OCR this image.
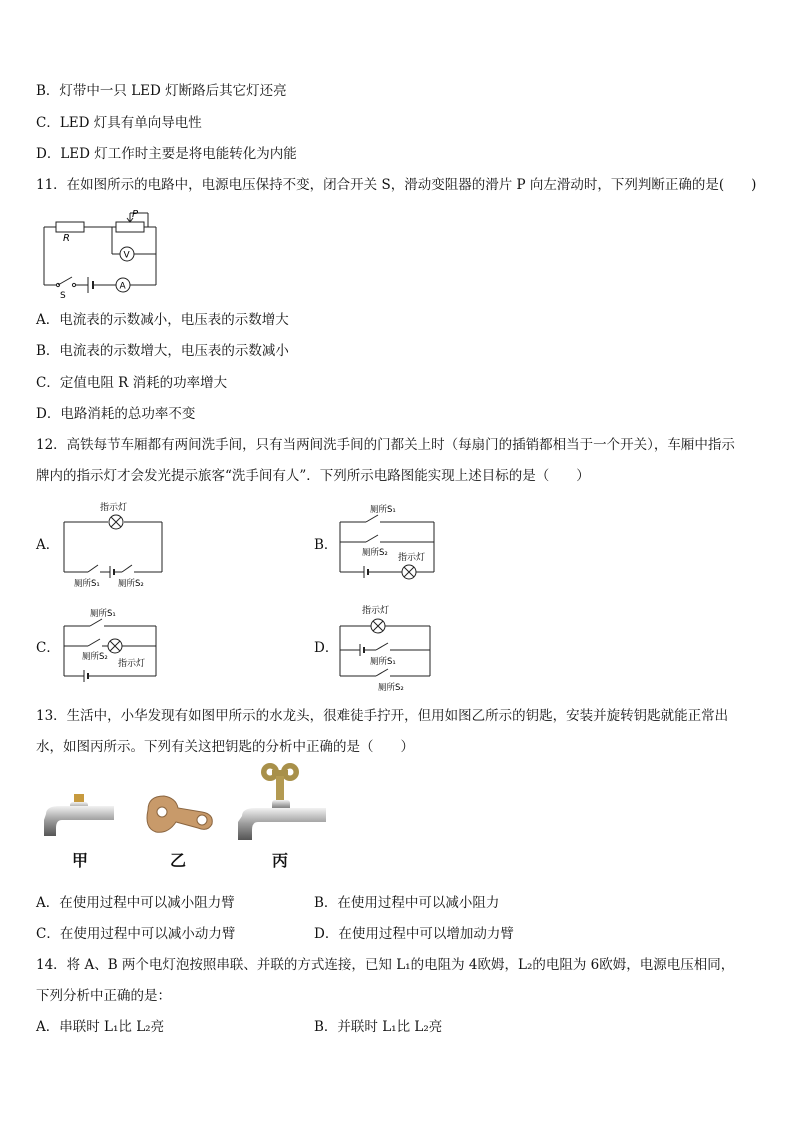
B．灯带中一只 LED 灯断路后其它灯还亮
C．LED 灯具有单向导电性
D．LED 灯工作时主要是将电能转化为内能
11．在如图所示的电路中，电源电压保持不变，闭合开关 S，滑动变阻器的滑片 P 向左滑动时，下列判断正确的是(　　)
R
P
V
A
S
A．电流表的示数减小，电压表的示数增大
B．电流表的示数增大，电压表的示数减小
C．定值电阻 R 消耗的功率增大
D．电路消耗的总功率不变
12．高铁每节车厢都有两间洗手间，只有当两间洗手间的门都关上时（每扇门的插销都相当于一个开关），车厢中指示
牌内的指示灯才会发光提示旅客“洗手间有人”．下列所示电路图能实现上述目标的是（　　）
A．
指示灯
厕所S₁ 厕所S₂
B．
厕所S₁
厕所S₂ 指示灯
C．
厕所S₁
厕所S₂
指示灯
D．
指示灯
厕所S₁
厕所S₂
13．生活中，小华发现有如图甲所示的水龙头，很难徒手拧开，但用如图乙所示的钥匙，安装并旋转钥匙就能正常出
水，如图丙所示。下列有关这把钥匙的分析中正确的是（　　）
甲	乙	丙
A．在使用过程中可以减小阻力臂	B．在使用过程中可以减小阻力
C．在使用过程中可以减小动力臂	D．在使用过程中可以增加动力臂
14．将 A、B 两个电灯泡按照串联、并联的方式连接，已知 L₁的电阻为 4欧姆，L₂的电阻为 6欧姆，电源电压相同，
下列分析中正确的是：
A．串联时 L₁比 L₂亮	B．并联时 L₁比 L₂亮
